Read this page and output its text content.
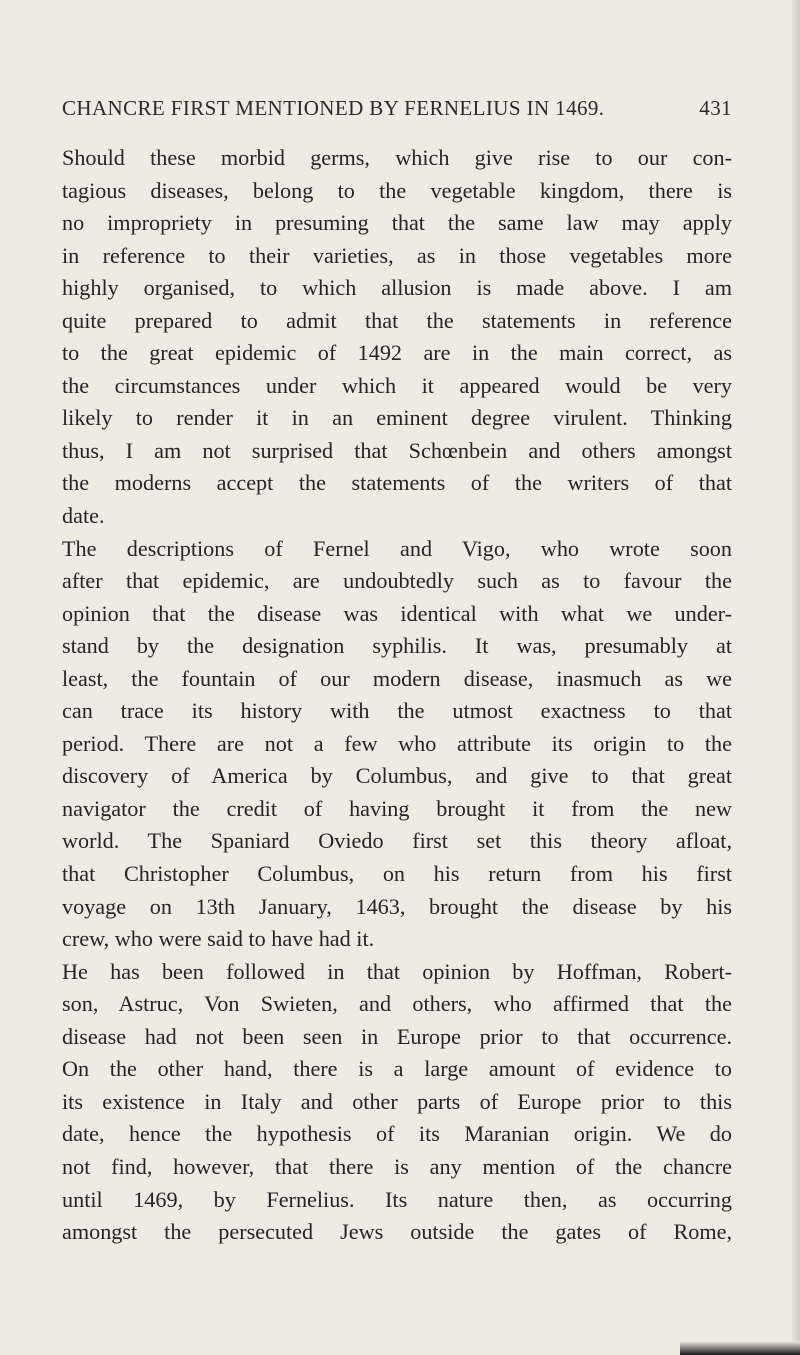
CHANCRE FIRST MENTIONED BY FERNELIUS IN 1469.	431
Should these morbid germs, which give rise to our con-
tagious diseases, belong to the vegetable kingdom, there is
no impropriety in presuming that the same law may apply
in reference to their varieties, as in those vegetables more
highly organised, to which allusion is made above. I am
quite prepared to admit that the statements in reference
to the great epidemic of 1492 are in the main correct, as
the circumstances under which it appeared would be very
likely to render it in an eminent degree virulent. Thinking
thus, I am not surprised that Schœnbein and others amongst
the moderns accept the statements of the writers of that
date.
The descriptions of Fernel and Vigo, who wrote soon
after that epidemic, are undoubtedly such as to favour the
opinion that the disease was identical with what we under-
stand by the designation syphilis. It was, presumably at
least, the fountain of our modern disease, inasmuch as we
can trace its history with the utmost exactness to that
period. There are not a few who attribute its origin to the
discovery of America by Columbus, and give to that great
navigator the credit of having brought it from the new
world. The Spaniard Oviedo first set this theory afloat,
that Christopher Columbus, on his return from his first
voyage on 13th January, 1463, brought the disease by his
crew, who were said to have had it.
He has been followed in that opinion by Hoffman, Robert-
son, Astruc, Von Swieten, and others, who affirmed that the
disease had not been seen in Europe prior to that occurrence.
On the other hand, there is a large amount of evidence to
its existence in Italy and other parts of Europe prior to this
date, hence the hypothesis of its Maranian origin. We do
not find, however, that there is any mention of the chancre
until 1469, by Fernelius. Its nature then, as occurring
amongst the persecuted Jews outside the gates of Rome,
